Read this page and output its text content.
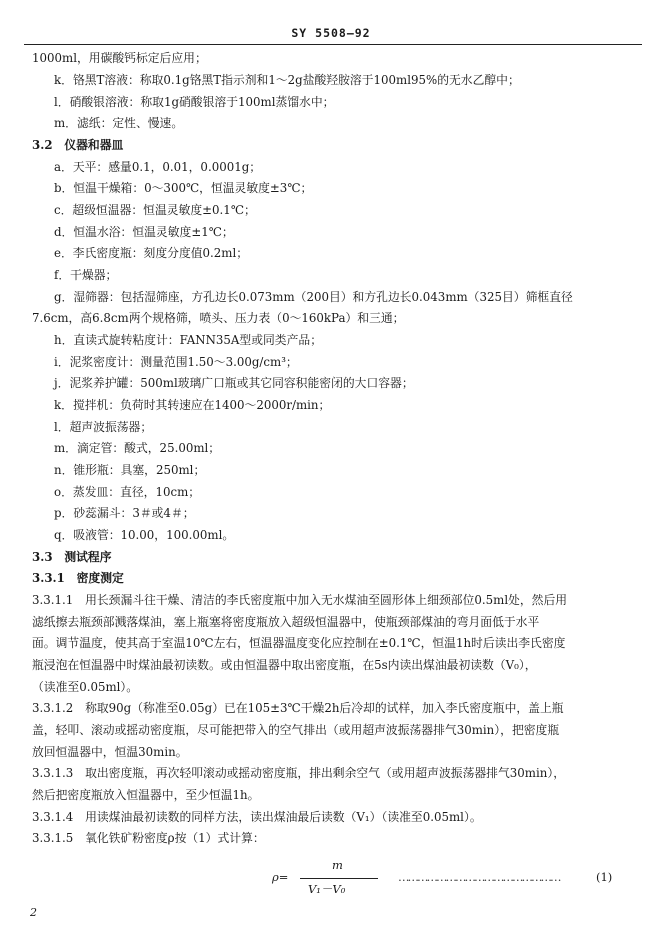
SY 5508—92
1000ml，用碳酸钙标定后应用；
k．铬黑T溶液：称取0.1g铬黑T指示剂和1～2g盐酸羟胺溶于100ml95%的无水乙醇中；
l．硝酸银溶液：称取1g硝酸银溶于100ml蒸馏水中；
m．滤纸：定性、慢速。
3.2　仪器和器皿
a．天平：感量0.1，0.01，0.0001g；
b．恒温干燥箱：0～300℃，恒温灵敏度±3℃；
c．超级恒温器：恒温灵敏度±0.1℃；
d．恒温水浴：恒温灵敏度±1℃；
e．李氏密度瓶：刻度分度值0.2ml；
f．干燥器；
g．湿筛器：包括湿筛座，方孔边长0.073mm（200目）和方孔边长0.043mm（325目）筛框直径
7.6cm，高6.8cm两个规格筛，喷头、压力表（0～160kPa）和三通；
h．直读式旋转粘度计：FANN35A型或同类产品；
i．泥浆密度计：测量范围1.50～3.00g/cm³；
j．泥浆养护罐：500ml玻璃广口瓶或其它同容积能密闭的大口容器；
k．搅拌机：负荷时其转速应在1400～2000r/min；
l．超声波振荡器；
m．滴定管：酸式，25.00ml；
n．锥形瓶：具塞，250ml；
o．蒸发皿：直径，10cm；
p．砂蕊漏斗：3＃或4＃；
q．吸液管：10.00，100.00ml。
3.3　测试程序
3.3.1　密度测定
3.3.1.1　用长颈漏斗往干燥、清洁的李氏密度瓶中加入无水煤油至圆形体上细颈部位0.5ml处，然后用
滤纸擦去瓶颈部溅落煤油，塞上瓶塞将密度瓶放入超级恒温器中，使瓶颈部煤油的弯月面低于水平
面。调节温度，使其高于室温10℃左右，恒温器温度变化应控制在±0.1℃，恒温1h时后读出李氏密度
瓶浸泡在恒温器中时煤油最初读数。或由恒温器中取出密度瓶，在5s内读出煤油最初读数（V₀），
（读准至0.05ml）。
3.3.1.2　称取90g（称准至0.05g）已在105±3℃干燥2h后冷却的试样，加入李氏密度瓶中，盖上瓶
盖，轻叩、滚动或摇动密度瓶，尽可能把带入的空气排出（或用超声波振荡器排气30min），把密度瓶
放回恒温器中，恒温30min。
3.3.1.3　取出密度瓶，再次轻叩滚动或摇动密度瓶，排出剩余空气（或用超声波振荡器排气30min），
然后把密度瓶放入恒温器中，至少恒温1h。
3.3.1.4　用读煤油最初读数的同样方法，读出煤油最后读数（V₁）（读准至0.05ml）。
3.3.1.5　氧化铁矿粉密度ρ按（1）式计算：
ρ=
m
V₁－V₀
……………………………………………	(1)
2
